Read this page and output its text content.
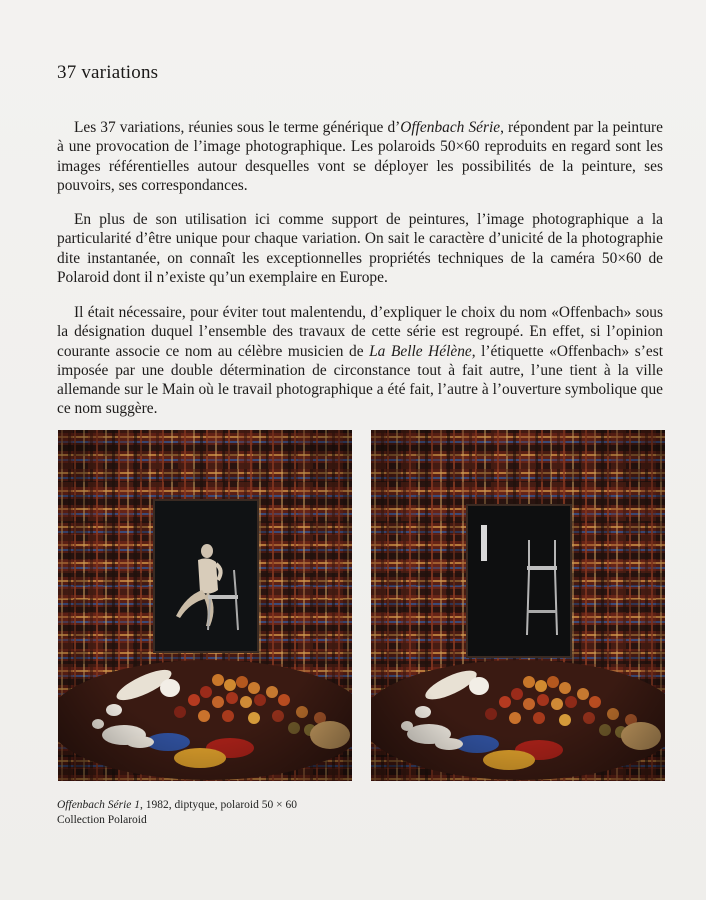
37 variations

Les 37 variations, réunies sous le terme générique d’Offenbach Série, répondent par la peinture à une provocation de l’image photographique. Les polaroids 50×60 reproduits en regard sont les images référentielles autour desquelles vont se déployer les possibilités de la peinture, ses pouvoirs, ses correspondances.

En plus de son utilisation ici comme support de peintures, l’image photographique a la particularité d’être unique pour chaque variation. On sait le caractère d’unicité de la photographie dite instantanée, on connaît les exceptionnelles propriétés techniques de la caméra 50×60 de Polaroid dont il n’existe qu’un exemplaire en Europe.

Il était nécessaire, pour éviter tout malentendu, d’expliquer le choix du nom «Offenbach» sous la désignation duquel l’ensemble des travaux de cette série est regroupé. En effet, si l’opinion courante associe ce nom au célèbre musicien de La Belle Hélène, l’étiquette «Offenbach» s’est imposée par une double détermination de circonstance tout à fait autre, l’une tient à la ville allemande sur le Main où le travail photographique a été fait, l’autre à l’ouverture symbolique que ce nom suggère.

Offenbach Série 1, 1982, diptyque, polaroid 50 × 60
Collection Polaroid
